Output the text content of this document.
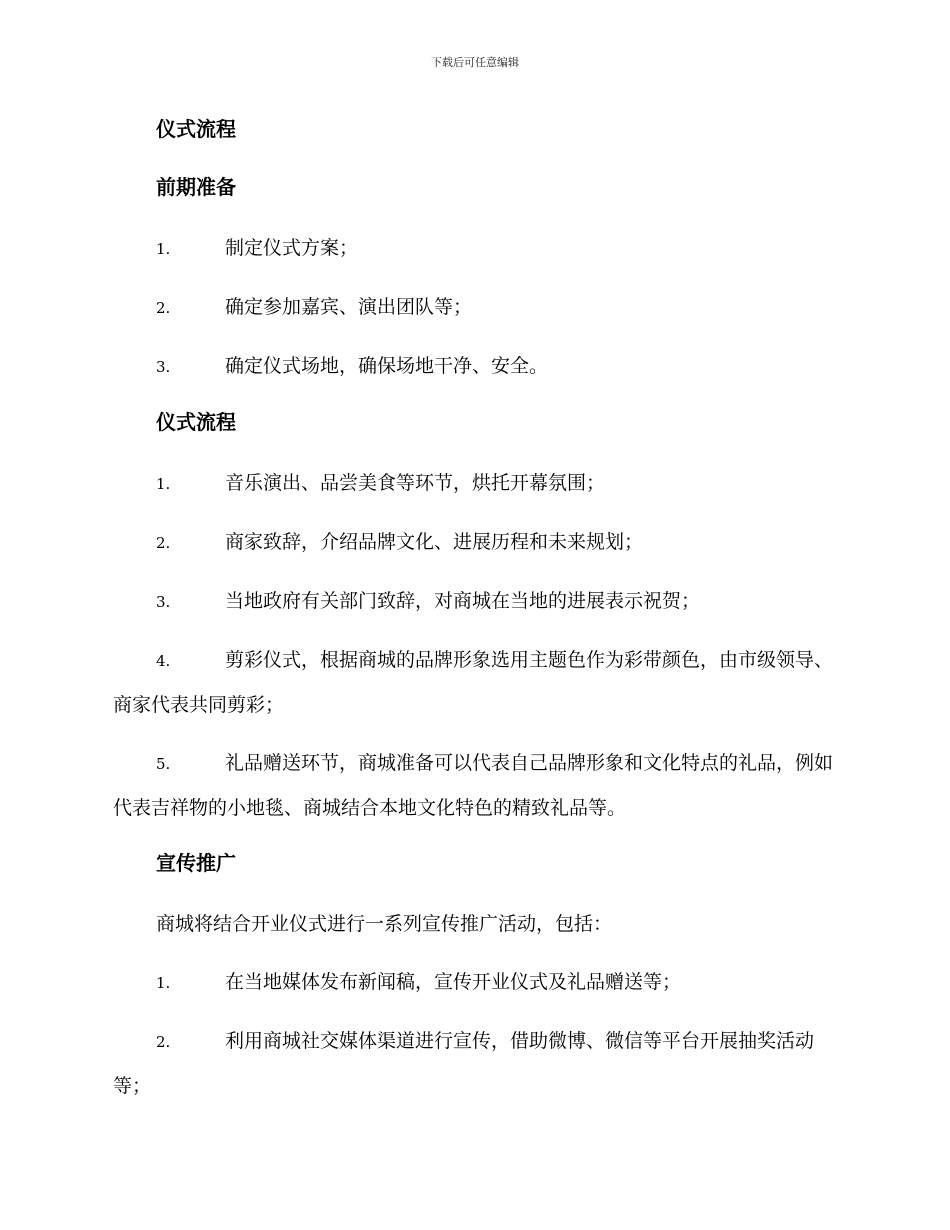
下载后可任意编辑
仪式流程
前期准备
1.	制定仪式方案；
2.	确定参加嘉宾、演出团队等；
3.	确定仪式场地，确保场地干净、安全。
仪式流程
1.	音乐演出、品尝美食等环节，烘托开幕氛围；
2.	商家致辞，介绍品牌文化、进展历程和未来规划；
3.	当地政府有关部门致辞，对商城在当地的进展表示祝贺；
4.	剪彩仪式，根据商城的品牌形象选用主题色作为彩带颜色，由市级领导、商家代表共同剪彩；
5.	礼品赠送环节，商城准备可以代表自己品牌形象和文化特点的礼品，例如代表吉祥物的小地毯、商城结合本地文化特色的精致礼品等。
宣传推广
商城将结合开业仪式进行一系列宣传推广活动，包括：
1.	在当地媒体发布新闻稿，宣传开业仪式及礼品赠送等；
2.	利用商城社交媒体渠道进行宣传，借助微博、微信等平台开展抽奖活动等；
